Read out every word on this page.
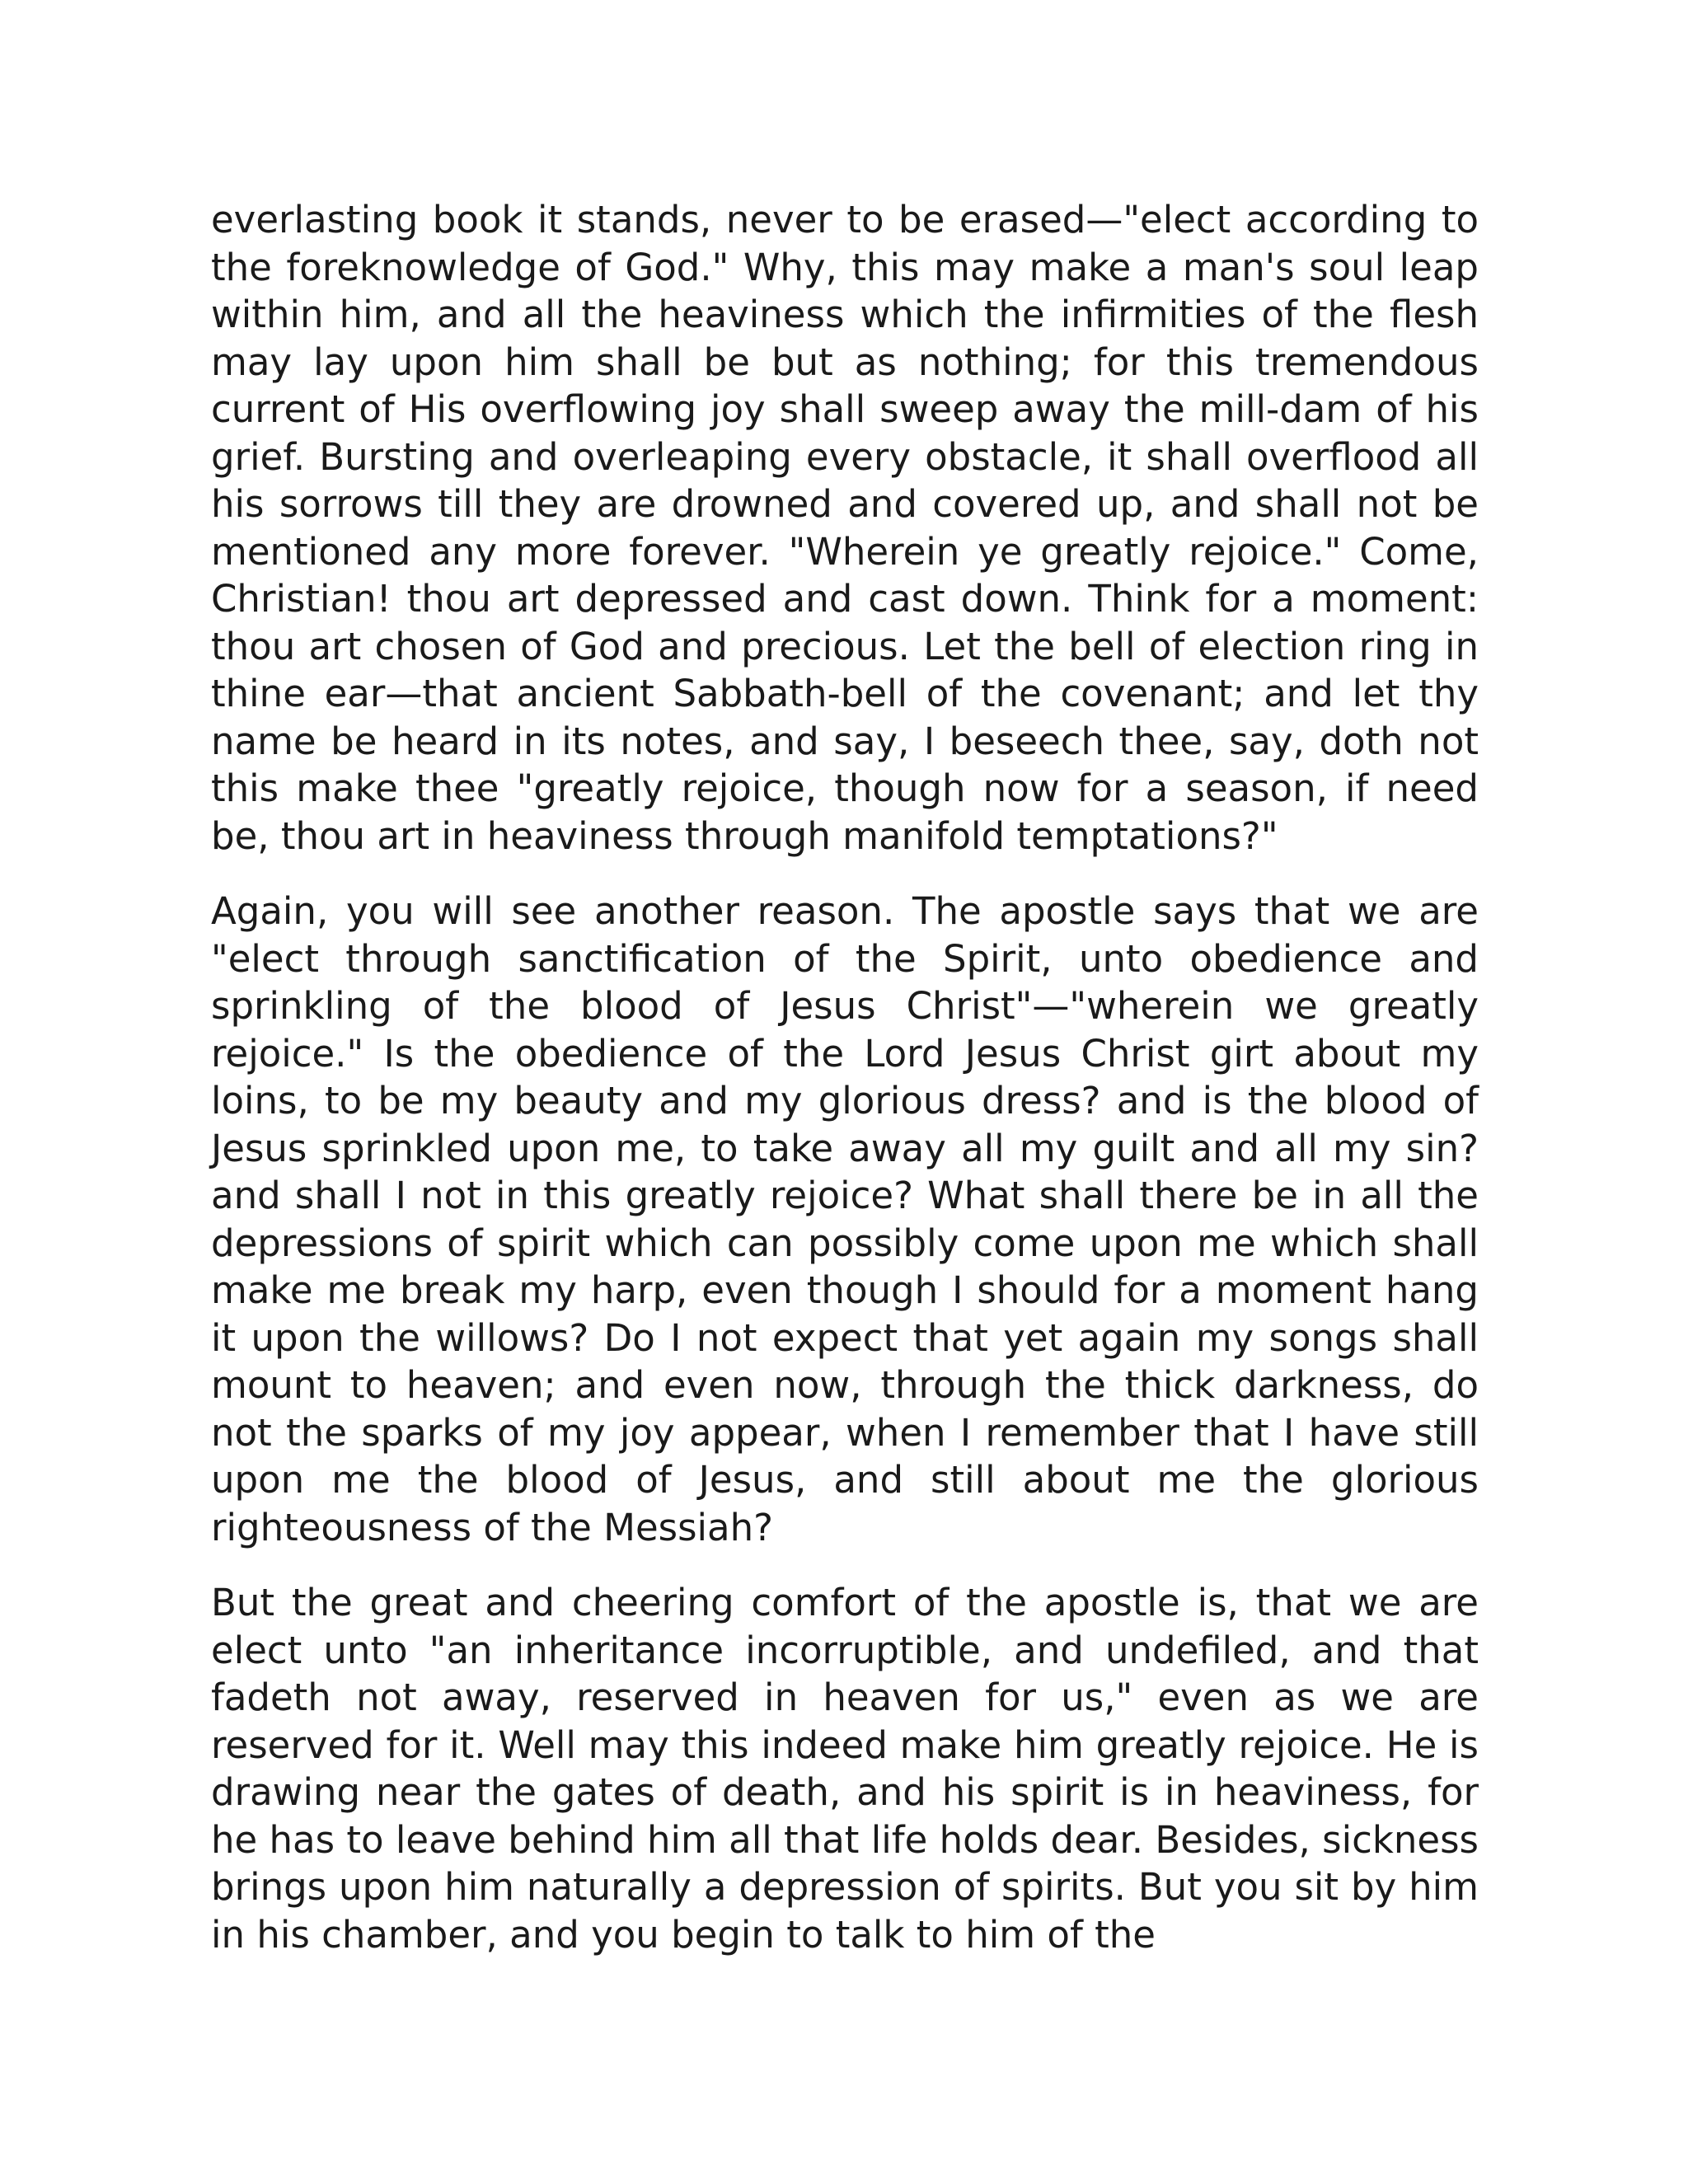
everlasting book it stands, never to be erased—"elect according to the foreknowledge of God." Why, this may make a man's soul leap within him, and all the heaviness which the infirmities of the flesh may lay upon him shall be but as nothing; for this tremendous current of His overflowing joy shall sweep away the mill-dam of his grief. Bursting and overleaping every obstacle, it shall overflood all his sorrows till they are drowned and covered up, and shall not be mentioned any more forever. "Wherein ye greatly rejoice." Come, Christian! thou art depressed and cast down. Think for a moment: thou art chosen of God and precious. Let the bell of election ring in thine ear—that ancient Sabbath-bell of the covenant; and let thy name be heard in its notes, and say, I beseech thee, say, doth not this make thee "greatly rejoice, though now for a season, if need be, thou art in heaviness through manifold temptations?"

Again, you will see another reason. The apostle says that we are "elect through sanctification of the Spirit, unto obedience and sprinkling of the blood of Jesus Christ"—"wherein we greatly rejoice." Is the obedience of the Lord Jesus Christ girt about my loins, to be my beauty and my glorious dress? and is the blood of Jesus sprinkled upon me, to take away all my guilt and all my sin? and shall I not in this greatly rejoice? What shall there be in all the depressions of spirit which can possibly come upon me which shall make me break my harp, even though I should for a moment hang it upon the willows? Do I not expect that yet again my songs shall mount to heaven; and even now, through the thick darkness, do not the sparks of my joy appear, when I remember that I have still upon me the blood of Jesus, and still about me the glorious righteousness of the Messiah?

But the great and cheering comfort of the apostle is, that we are elect unto "an inheritance incorruptible, and undefiled, and that fadeth not away, reserved in heaven for us," even as we are reserved for it. Well may this indeed make him greatly rejoice. He is drawing near the gates of death, and his spirit is in heaviness, for he has to leave behind him all that life holds dear. Besides, sickness brings upon him naturally a depression of spirits. But you sit by him in his chamber, and you begin to talk to him of the
